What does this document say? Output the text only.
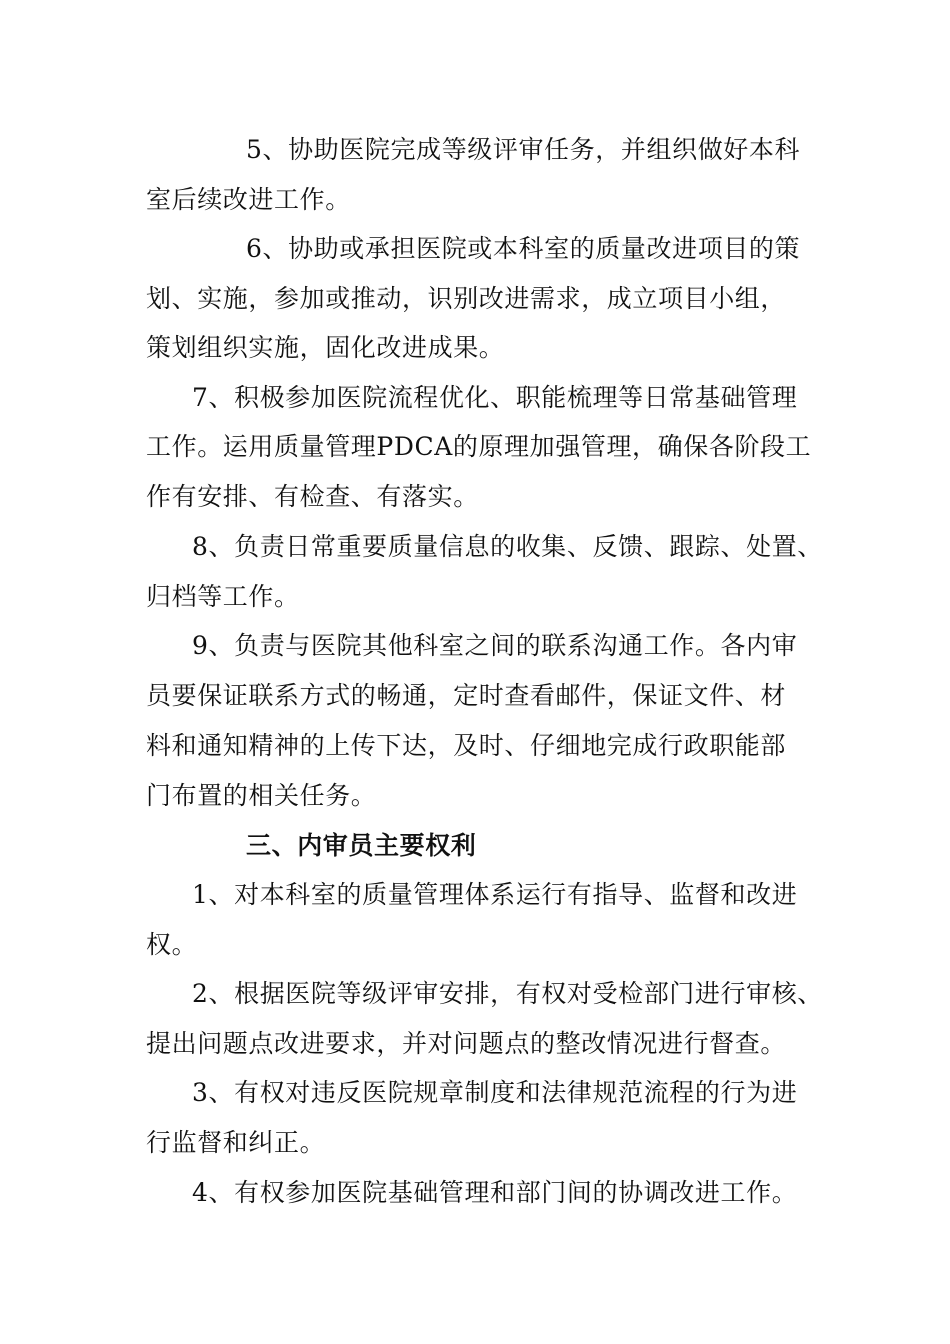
5、协助医院完成等级评审任务，并组织做好本科
室后续改进工作。
6、协助或承担医院或本科室的质量改进项目的策
划、实施，参加或推动，识别改进需求，成立项目小组，
策划组织实施，固化改进成果。
7、积极参加医院流程优化、职能梳理等日常基础管理
工作。运用质量管理PDCA的原理加强管理，确保各阶段工
作有安排、有检查、有落实。
8、负责日常重要质量信息的收集、反馈、跟踪、处置、
归档等工作。
9、负责与医院其他科室之间的联系沟通工作。各内审
员要保证联系方式的畅通，定时查看邮件，保证文件、材
料和通知精神的上传下达，及时、仔细地完成行政职能部
门布置的相关任务。
三、内审员主要权利
1、对本科室的质量管理体系运行有指导、监督和改进
权。
2、根据医院等级评审安排，有权对受检部门进行审核、
提出问题点改进要求，并对问题点的整改情况进行督查。
3、有权对违反医院规章制度和法律规范流程的行为进
行监督和纠正。
4、有权参加医院基础管理和部门间的协调改进工作。
